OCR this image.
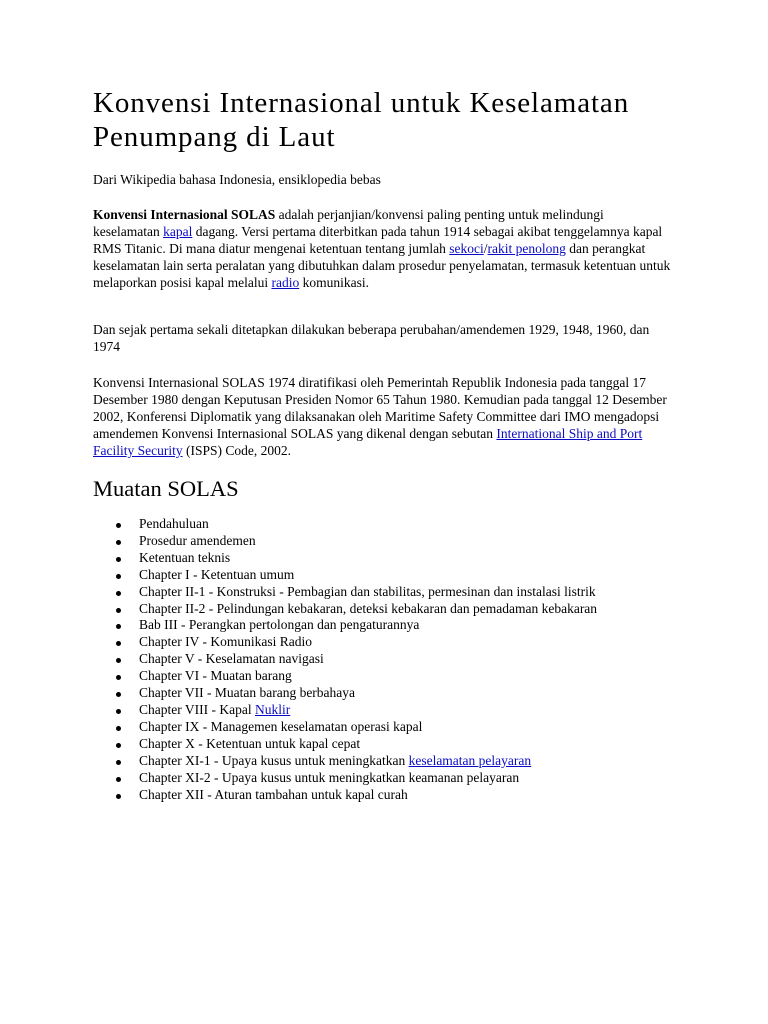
Konvensi Internasional untuk Keselamatan Penumpang di Laut
Dari Wikipedia bahasa Indonesia, ensiklopedia bebas

Konvensi Internasional SOLAS adalah perjanjian/konvensi paling penting untuk melindungi keselamatan kapal dagang. Versi pertama diterbitkan pada tahun 1914 sebagai akibat tenggelamnya kapal RMS Titanic. Di mana diatur mengenai ketentuan tentang jumlah sekoci/rakit penolong dan perangkat keselamatan lain serta peralatan yang dibutuhkan dalam prosedur penyelamatan, termasuk ketentuan untuk melaporkan posisi kapal melalui radio komunikasi.

Dan sejak pertama sekali ditetapkan dilakukan beberapa perubahan/amendemen 1929, 1948, 1960, dan 1974

Konvensi Internasional SOLAS 1974 diratifikasi oleh Pemerintah Republik Indonesia pada tanggal 17 Desember 1980 dengan Keputusan Presiden Nomor 65 Tahun 1980. Kemudian pada tanggal 12 Desember 2002, Konferensi Diplomatik yang dilaksanakan oleh Maritime Safety Committee dari IMO mengadopsi amendemen Konvensi Internasional SOLAS yang dikenal dengan sebutan International Ship and Port Facility Security (ISPS) Code, 2002.

Muatan SOLAS
Pendahuluan
Prosedur amendemen
Ketentuan teknis
Chapter I - Ketentuan umum
Chapter II-1 - Konstruksi - Pembagian dan stabilitas, permesinan dan instalasi listrik
Chapter II-2 - Pelindungan kebakaran, deteksi kebakaran dan pemadaman kebakaran
Bab III - Perangkan pertolongan dan pengaturannya
Chapter IV - Komunikasi Radio
Chapter V - Keselamatan navigasi
Chapter VI - Muatan barang
Chapter VII - Muatan barang berbahaya
Chapter VIII - Kapal Nuklir
Chapter IX - Managemen keselamatan operasi kapal
Chapter X - Ketentuan untuk kapal cepat
Chapter XI-1 - Upaya kusus untuk meningkatkan keselamatan pelayaran
Chapter XI-2 - Upaya kusus untuk meningkatkan keamanan pelayaran
Chapter XII - Aturan tambahan untuk kapal curah
